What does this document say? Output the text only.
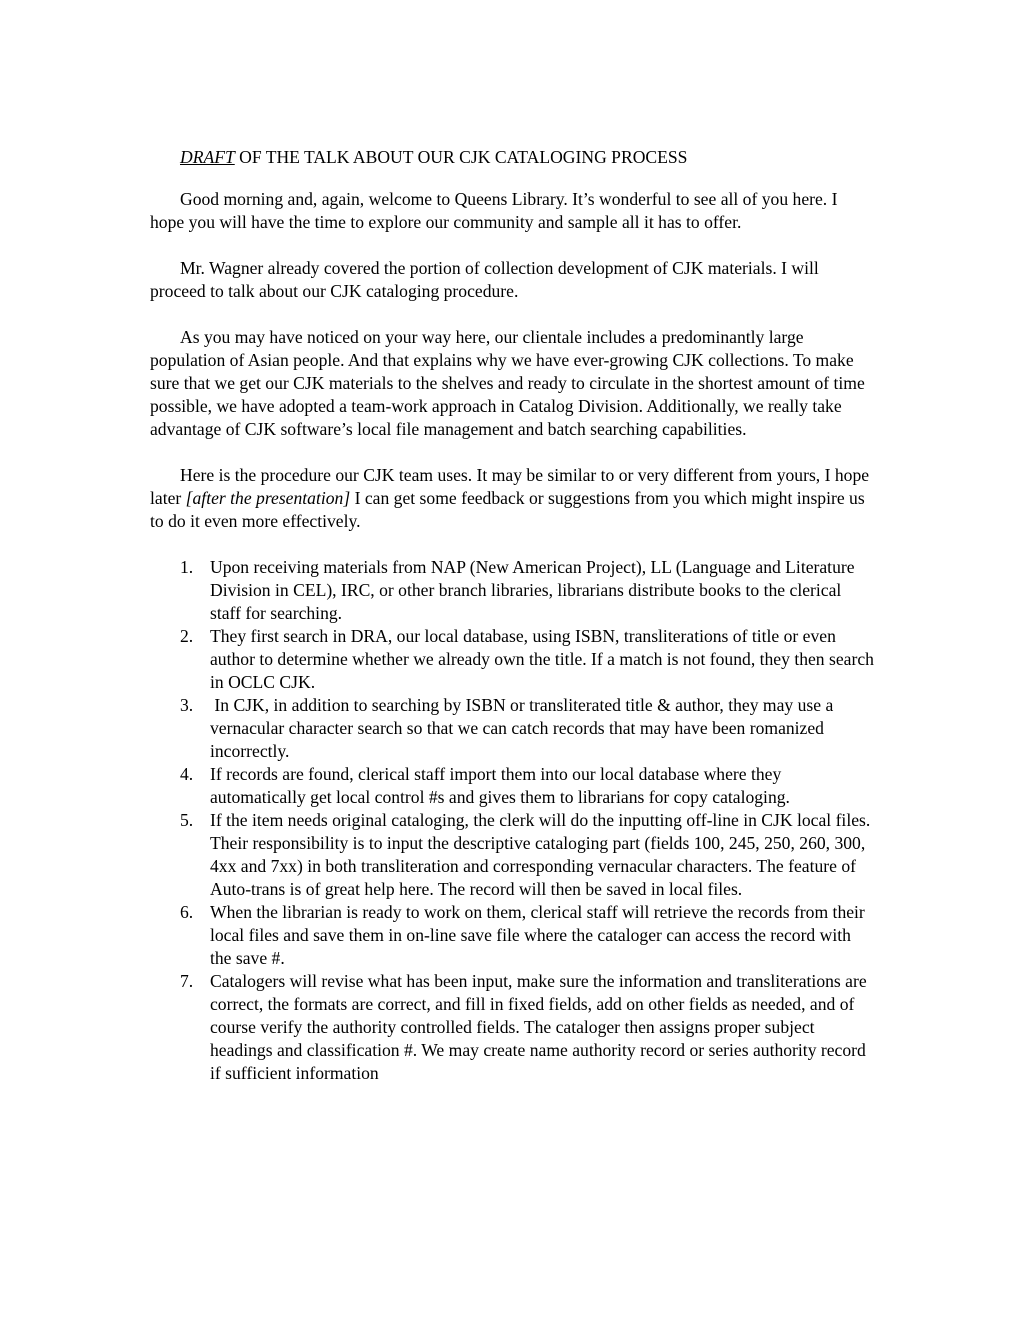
DRAFT OF THE TALK ABOUT OUR CJK CATALOGING PROCESS

Good morning and, again, welcome to Queens Library. It’s wonderful to see all of you here. I hope you will have the time to explore our community and sample all it has to offer.

Mr. Wagner already covered the portion of collection development of CJK materials. I will proceed to talk about our CJK cataloging procedure.

As you may have noticed on your way here, our clientale includes a predominantly large population of Asian people. And that explains why we have ever-growing CJK collections. To make sure that we get our CJK materials to the shelves and ready to circulate in the shortest amount of time possible, we have adopted a team-work approach in Catalog Division. Additionally, we really take advantage of CJK software’s local file management and batch searching capabilities.

Here is the procedure our CJK team uses. It may be similar to or very different from yours, I hope later [after the presentation] I can get some feedback or suggestions from you which might inspire us to do it even more effectively.

1. Upon receiving materials from NAP (New American Project), LL (Language and Literature Division in CEL), IRC, or other branch libraries, librarians distribute books to the clerical staff for searching.
2. They first search in DRA, our local database, using ISBN, transliterations of title or even author to determine whether we already own the title. If a match is not found, they then search in OCLC CJK.
3. In CJK, in addition to searching by ISBN or transliterated title & author, they may use a vernacular character search so that we can catch records that may have been romanized incorrectly.
4. If records are found, clerical staff import them into our local database where they automatically get local control #s and gives them to librarians for copy cataloging.
5. If the item needs original cataloging, the clerk will do the inputting off-line in CJK local files. Their responsibility is to input the descriptive cataloging part (fields 100, 245, 250, 260, 300, 4xx and 7xx) in both transliteration and corresponding vernacular characters. The feature of Auto-trans is of great help here. The record will then be saved in local files.
6. When the librarian is ready to work on them, clerical staff will retrieve the records from their local files and save them in on-line save file where the cataloger can access the record with the save #.
7. Catalogers will revise what has been input, make sure the information and transliterations are correct, the formats are correct, and fill in fixed fields, add on other fields as needed, and of course verify the authority controlled fields. The cataloger then assigns proper subject headings and classification #. We may create name authority record or series authority record if sufficient information
